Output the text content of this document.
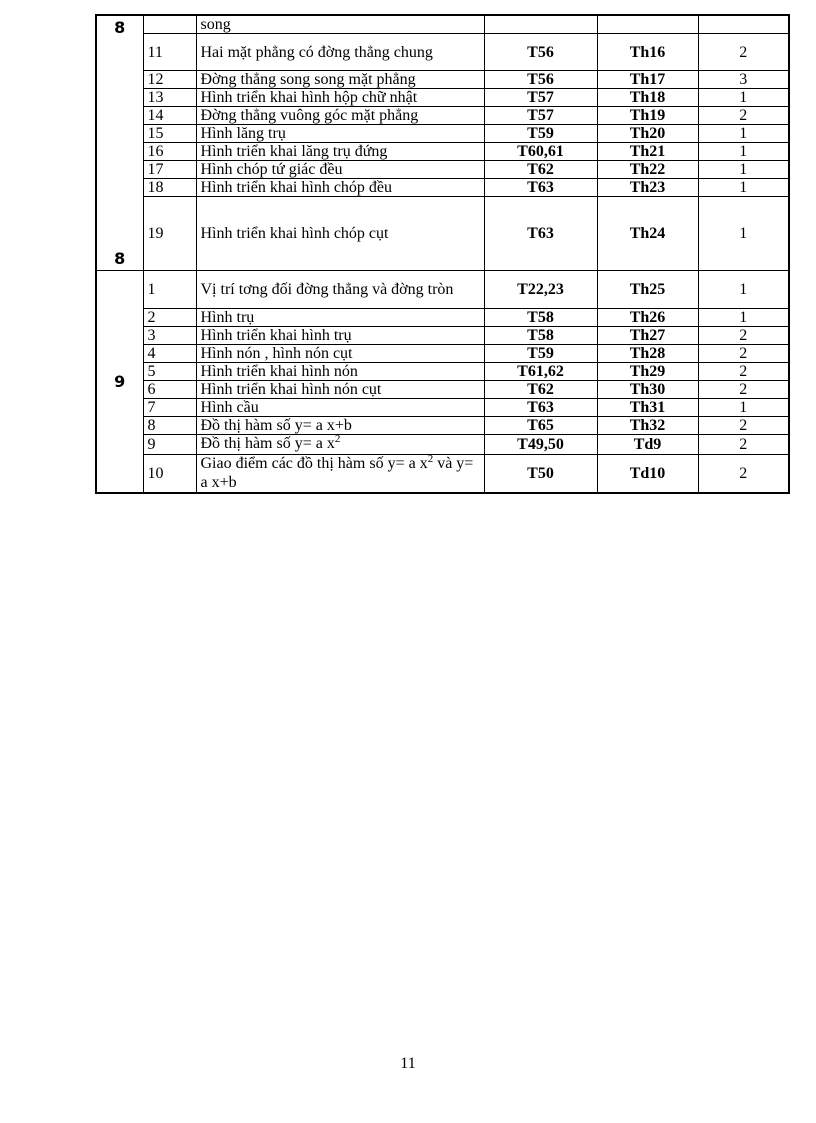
8
8		song			
	11	Hai mặt phẳng có đờng thẳng chung	T56	Th16	2
	12	Đờng thẳng song song mặt phẳng	T56	Th17	3
	13	Hình triển khai hình hộp chữ nhật	T57	Th18	1
	14	Đờng thẳng vuông góc mặt phẳng	T57	Th19	2
	15	Hình lăng trụ	T59	Th20	1
	16	Hình triển khai lăng trụ đứng	T60,61	Th21	1
	17	Hình chóp tứ giác đều	T62	Th22	1
	18	Hình triển khai hình chóp đều	T63	Th23	1
	19	Hình triển khai hình chóp cụt	T63	Th24	1
9	1	Vị trí tơng đối đờng thẳng và đờng tròn	T22,23	Th25	1
	2	Hình trụ	T58	Th26	1
	3	Hình triển khai hình trụ	T58	Th27	2
	4	Hình nón , hình nón cụt	T59	Th28	2
	5	Hình triển khai hình nón	T61,62	Th29	2
	6	Hình triển khai hình nón cụt	T62	Th30	2
	7	Hình cầu	T63	Th31	1
	8	Đồ thị hàm số y= a x+b	T65	Th32	2
	9	Đồ thị hàm số y= a $x^2$	T49,50	Td9	2
	10	Giao điểm các đồ thị hàm số y= a $x^2$ và y= a x+b	T50	Td10	2
11
